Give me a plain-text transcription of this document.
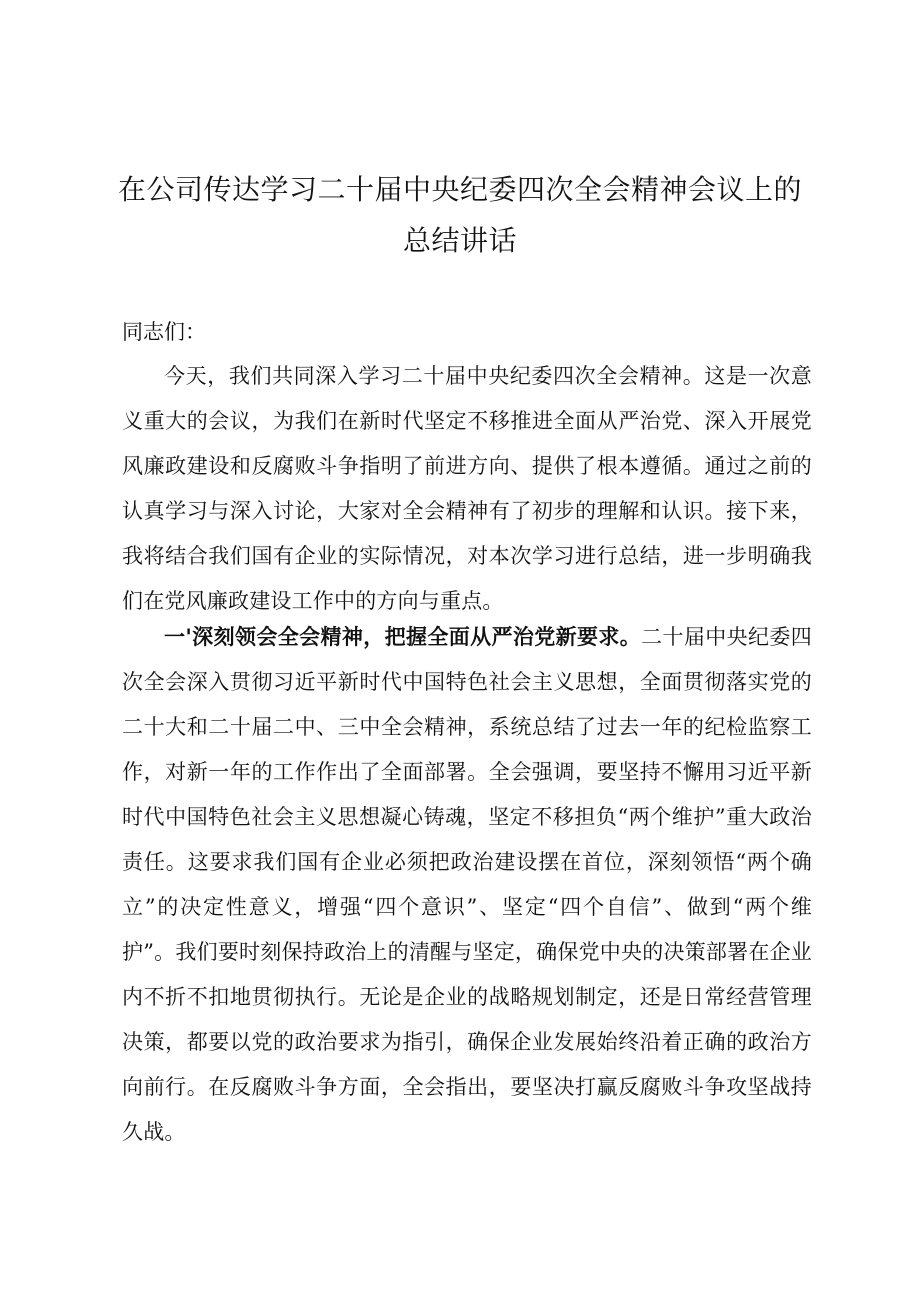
在公司传达学习二十届中央纪委四次全会精神会议上的
总结讲话

同志们：

今天，我们共同深入学习二十届中央纪委四次全会精神。这是一次意义重大的会议，为我们在新时代坚定不移推进全面从严治党、深入开展党风廉政建设和反腐败斗争指明了前进方向、提供了根本遵循。通过之前的认真学习与深入讨论，大家对全会精神有了初步的理解和认识。接下来，我将结合我们国有企业的实际情况，对本次学习进行总结，进一步明确我们在党风廉政建设工作中的方向与重点。

一'深刻领会全会精神，把握全面从严治党新要求。二十届中央纪委四次全会深入贯彻习近平新时代中国特色社会主义思想，全面贯彻落实党的二十大和二十届二中、三中全会精神，系统总结了过去一年的纪检监察工作，对新一年的工作作出了全面部署。全会强调，要坚持不懈用习近平新时代中国特色社会主义思想凝心铸魂，坚定不移担负“两个维护”重大政治责任。这要求我们国有企业必须把政治建设摆在首位，深刻领悟“两个确立”的决定性意义，增强“四个意识”、坚定“四个自信”、做到“两个维护”。我们要时刻保持政治上的清醒与坚定，确保党中央的决策部署在企业内不折不扣地贯彻执行。无论是企业的战略规划制定，还是日常经营管理决策，都要以党的政治要求为指引，确保企业发展始终沿着正确的政治方向前行。在反腐败斗争方面，全会指出，要坚决打赢反腐败斗争攻坚战持久战。
